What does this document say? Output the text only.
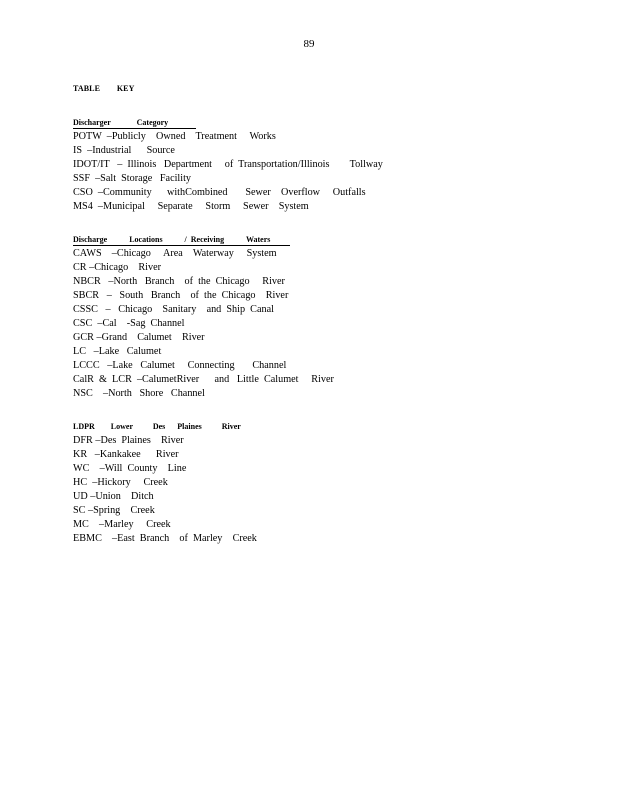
89
TABLE        KEY
Discharger             Category
POTW  –Publicly    Owned    Treatment     Works
IS  –Industrial      Source
IDOT/IT   –  Illinois   Department     of  Transportation/Illinois        Tollway
SSF  –Salt  Storage   Facility
CSO  –Community      withCombined       Sewer    Overflow     Outfalls
MS4  –Municipal     Separate     Storm     Sewer    System
Discharge           Locations           /  Receiving           Waters
CAWS    –Chicago     Area    Waterway     System
CR –Chicago    River
NBCR   –North   Branch    of  the  Chicago     River
SBCR   –   South   Branch    of  the  Chicago    River
CSSC   –   Chicago    Sanitary    and  Ship  Canal
CSC  –Cal    -Sag  Channel
GCR –Grand    Calumet    River
LC   –Lake   Calumet
LCCC   –Lake   Calumet     Connecting       Channel
CalR  &  LCR  –CalumetRiver      and   Little  Calumet     River
NSC    –North   Shore   Channel
LDPR        Lower          Des      Plaines          River
DFR –Des  Plaines    River
KR   –Kankakee      River
WC    –Will  County    Line
HC  –Hickory     Creek
UD –Union    Ditch
SC –Spring    Creek
MC    –Marley     Creek
EBMC    –East  Branch    of  Marley    Creek
